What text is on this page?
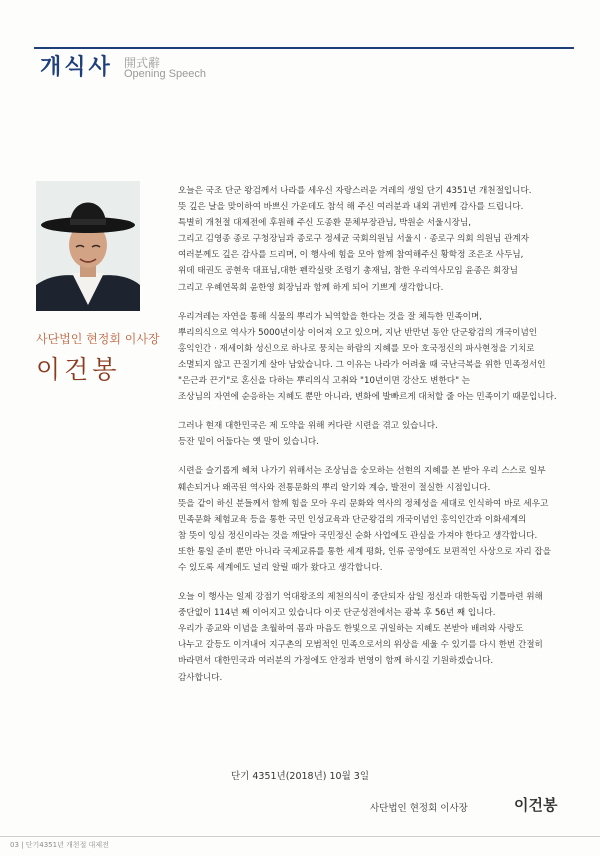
개식사 開式辭
Opening Speech
사단법인 현정회 이사장
이건봉

오늘은 국조 단군 왕검께서 나라를 세우신 자랑스러운 겨레의 생일 단기 4351년 개천절입니다.

뜻 깊은 날을 맞이하여 바쁘신 가운데도 참석 해 주신 여러분과 내외 귀빈께 감사를 드립니다.

특별히 개천절 대제전에 후원해 주신 도종환 문체부장관님, 박원순 서울시장님,

그리고 김영종 종로 구청장님과 종로구 정세균 국회의원님 서울시 · 종로구 의회 의원님 관계자

여러분께도 깊은 감사를 드리며, 이 행사에 힘을 모아 함께 참여해주신 황학정 조은조 사두님,

위데 태권도 공현욱 대표님,대한 펜칵실랏 조령기 총재님, 참한 우리역사모임 윤종은 회장님

그리고 우혜연목회 윤한영 회장님과 함께 하게 되어 기쁘게 생각합니다.

우리겨레는 자연을 통해 식물의 뿌리가 뇌역할을 한다는 것을 잘 체득한 민족이며,

뿌리의식으로 역사가 5000년이상 이어져 오고 있으며, 지난 반만년 동안 단군왕검의 개국이념인

홍익인간 · 재세이화 성신으로 하나로 뭉치는 하람의 지혜를 모아 호국정신의 파사현정을 기치로

소멸되지 않고 끈질기게 살아 남았습니다. 그 이유는 나라가 어려울 때 국난극복을 위한 민족정서인

"은근과 끈기"로 혼신을 다하는 뿌리의식 고취와 "10년이면 강산도 변한다" 는

조상님의 자연에 순응하는 지혜도 뿐만 아니라, 변화에 발빠르게 대처할 줄 아는 민족이기 때문입니다.

그러나 현재 대한민국은 제 도약을 위해 커다란 시련을 겪고 있습니다.

등잔 밑이 어둡다는 옛 말이 있습니다.

시련을 슬기롭게 헤쳐 나가기 위해서는 조상님을 숭모하는 선현의 지혜를 본 받아 우리 스스로 일부

훼손되거나 왜곡된 역사와 전통문화의 뿌리 알기와 계승, 발전이 절실한 시점입니다.

뜻을 같이 하신 분들께서 함께 힘을 모아 우리 문화와 역사의 정체성을 세대로 인식하여 바로 세우고

민족문화 체험교육 등을 통한 국민 인성교육과 단군왕검의 개국이념인 홍익인간과 이화세계의

참 뜻이 잉심 정신이라는 것을 깨달아 국민정신 순화 사업에도 관심을 가져야 한다고 생각합니다.

또한 통일 준비 뿐만 아니라 국제교류를 통한 세계 평화, 인류 공영에도 보편적인 사상으로 자리 잡을

수 있도록 세계에도 널리 알릴 때가 왔다고 생각합니다.

오늘 이 행사는 일제 강점기 억대왕조의 제천의식이 중단되자 삼일 정신과 대한독립 기틀마련 위해

중단없이 114년 째 이어지고 있습니다 이곳 단군성전에서는 광복 후 56년 째 입니다.

우리가 종교와 이념을 초월하여 몸과 마음도 한빛으로 귀일하는 지혜도 본받아 배려와 사랑도

나누고 갈등도 이겨내어 지구촌의 모범적인 민족으로서의 위상을 세울 수 있기를 다시 한번 간절히

바라면서 대한민국과 여러분의 가정에도 안정과 번영이 함께 하시길 기원하겠습니다.

감사합니다.

단기 4351년(2018년) 10월 3일
사단법인 현정회 이사장	이건봉
03 | 단기4351년 개천절 대제전
